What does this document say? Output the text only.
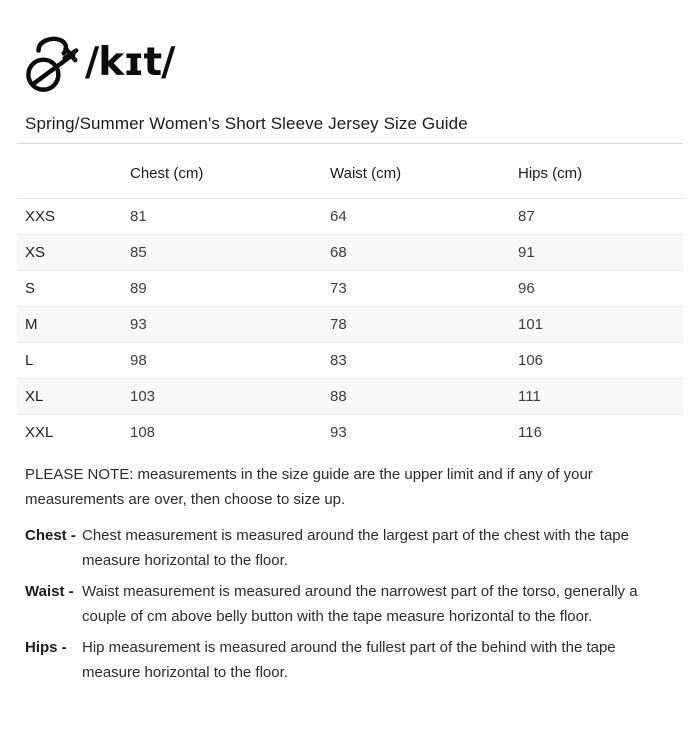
/kɪt/
Spring/Summer Women's Short Sleeve Jersey Size Guide
	Chest (cm)	Waist (cm)	Hips (cm)
XXS	81	64	87
XS	85	68	91
S	89	73	96
M	93	78	101
L	98	83	106
XL	103	88	111
XXL	108	93	116

PLEASE NOTE: measurements in the size guide are the upper limit and if any of your measurements are over, then choose to size up.

Chest - Chest measurement is measured around the largest part of the chest with the tape measure horizontal to the floor.
Waist - Waist measurement is measured around the narrowest part of the torso, generally a couple of cm above belly button with the tape measure horizontal to the floor.
Hips -	Hip measurement is measured around the fullest part of the behind with the tape measure horizontal to the floor.
